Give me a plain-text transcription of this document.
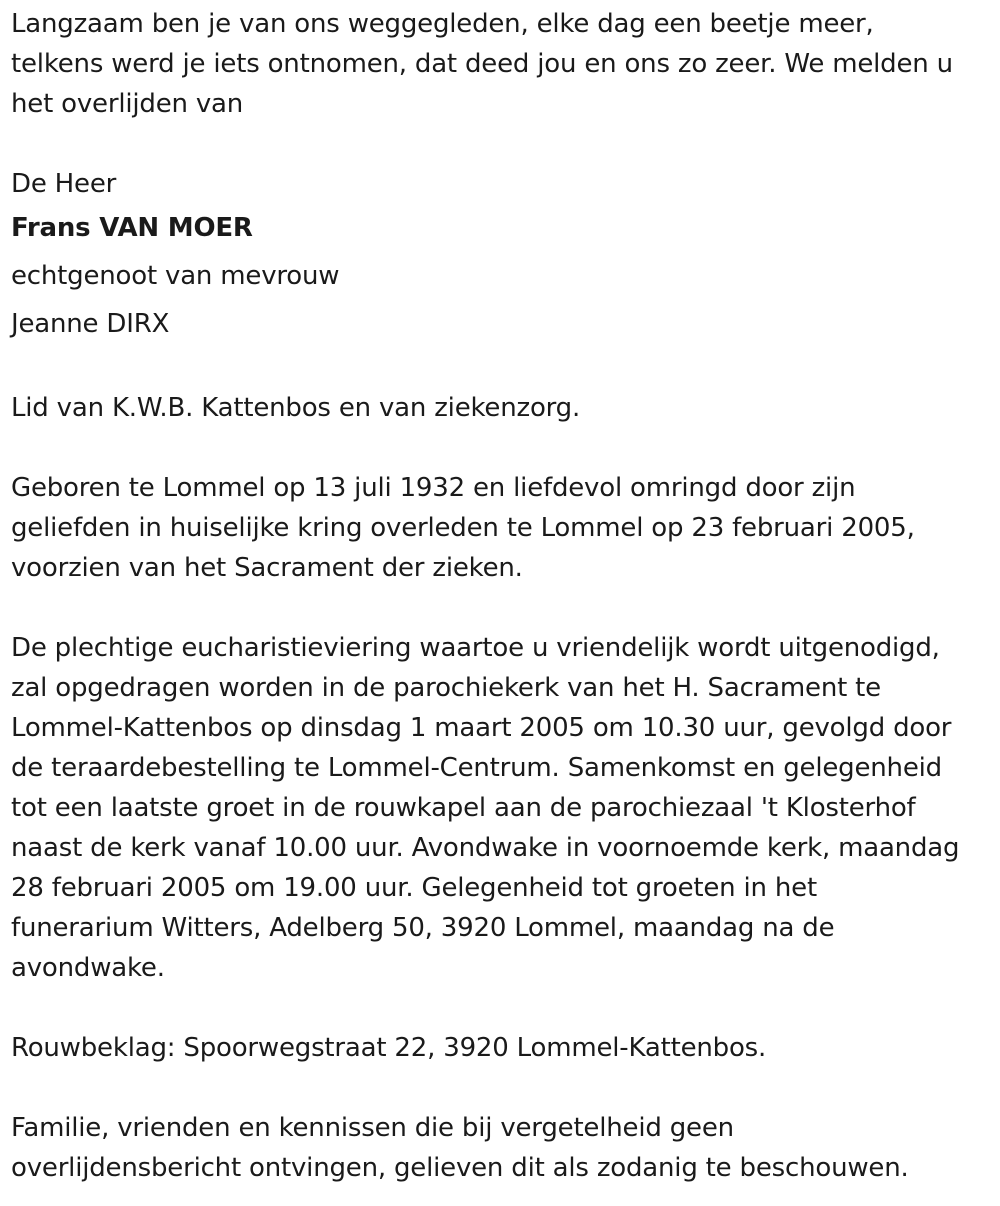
Langzaam ben je van ons weggegleden, elke dag een beetje meer,
telkens werd je iets ontnomen, dat deed jou en ons zo zeer. We melden u
het overlijden van

De Heer

Frans VAN MOER

echtgenoot van mevrouw

Jeanne DIRX

Lid van K.W.B. Kattenbos en van ziekenzorg.

Geboren te Lommel op 13 juli 1932 en liefdevol omringd door zijn
geliefden in huiselijke kring overleden te Lommel op 23 februari 2005,
voorzien van het Sacrament der zieken.

De plechtige eucharistieviering waartoe u vriendelijk wordt uitgenodigd,
zal opgedragen worden in de parochiekerk van het H. Sacrament te
Lommel-Kattenbos op dinsdag 1 maart 2005 om 10.30 uur, gevolgd door
de teraardebestelling te Lommel-Centrum. Samenkomst en gelegenheid
tot een laatste groet in de rouwkapel aan de parochiezaal 't Klosterhof
naast de kerk vanaf 10.00 uur. Avondwake in voornoemde kerk, maandag
28 februari 2005 om 19.00 uur. Gelegenheid tot groeten in het
funerarium Witters, Adelberg 50, 3920 Lommel, maandag na de
avondwake.

Rouwbeklag: Spoorwegstraat 22, 3920 Lommel-Kattenbos.

Familie, vrienden en kennissen die bij vergetelheid geen
overlijdensbericht ontvingen, gelieven dit als zodanig te beschouwen.
